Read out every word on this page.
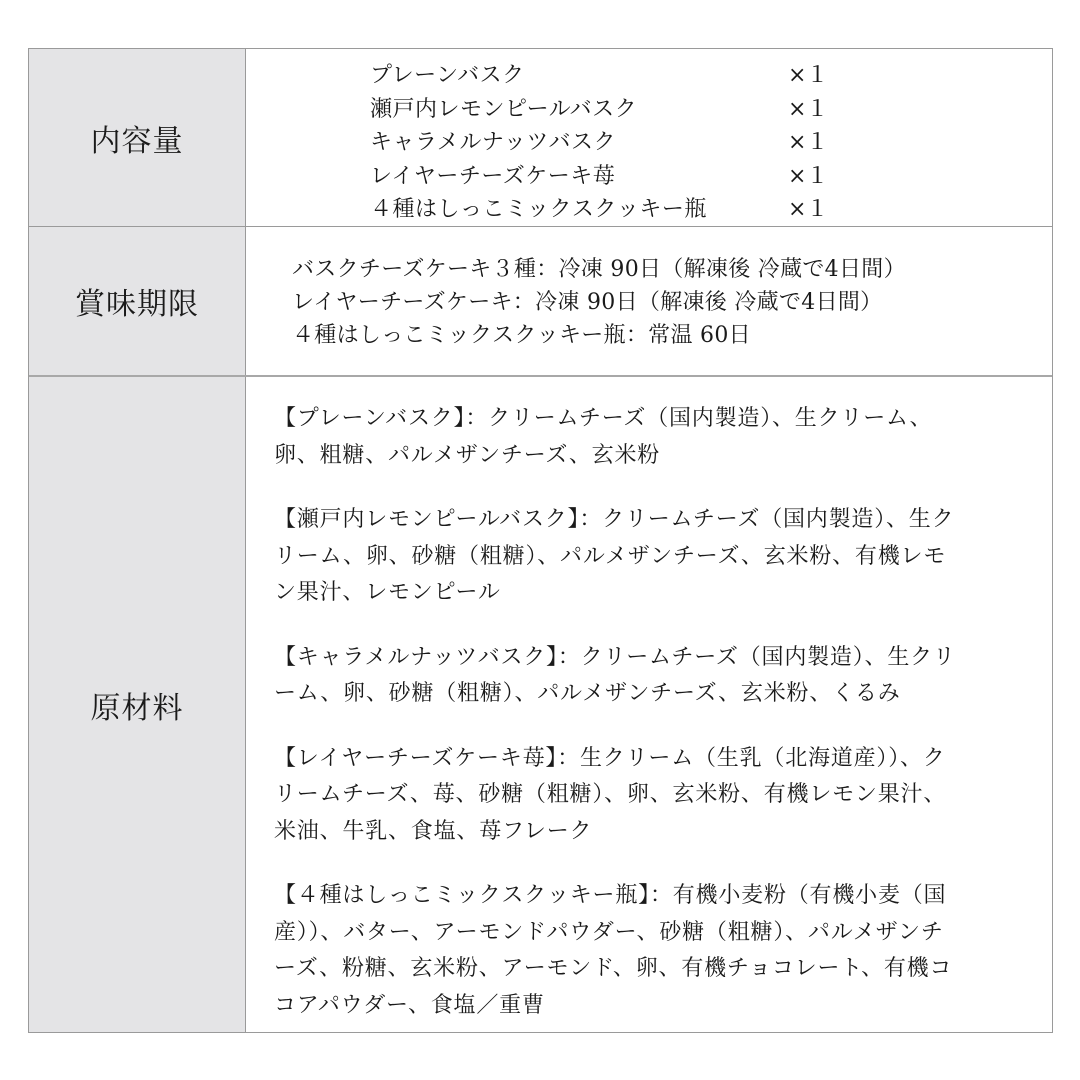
内容量
プレーンバスク	×１
瀬戸内レモンピールバスク	×１
キャラメルナッツバスク	×１
レイヤーチーズケーキ苺	×１
４種はしっこミックスクッキー瓶	×１
賞味期限
バスクチーズケーキ３種：冷凍 90日（解凍後 冷蔵で4日間）
レイヤーチーズケーキ：冷凍 90日（解凍後 冷蔵で4日間）
４種はしっこミックスクッキー瓶：常温 60日
原材料

【プレーンバスク】：クリームチーズ（国内製造）、生クリーム、
卵、粗糖、パルメザンチーズ、玄米粉

【瀬戸内レモンピールバスク】：クリームチーズ（国内製造）、生ク
リーム、卵、砂糖（粗糖）、パルメザンチーズ、玄米粉、有機レモ
ン果汁、レモンピール

【キャラメルナッツバスク】：クリームチーズ（国内製造）、生クリ
ーム、卵、砂糖（粗糖）、パルメザンチーズ、玄米粉、くるみ

【レイヤーチーズケーキ苺】：生クリーム（生乳（北海道産））、ク
リームチーズ、苺、砂糖（粗糖）、卵、玄米粉、有機レモン果汁、
米油、牛乳、食塩、苺フレーク

【４種はしっこミックスクッキー瓶】：有機小麦粉（有機小麦（国
産））、バター、アーモンドパウダー、砂糖（粗糖）、パルメザンチ
ーズ、粉糖、玄米粉、アーモンド、卵、有機チョコレート、有機コ
コアパウダー、食塩／重曹
